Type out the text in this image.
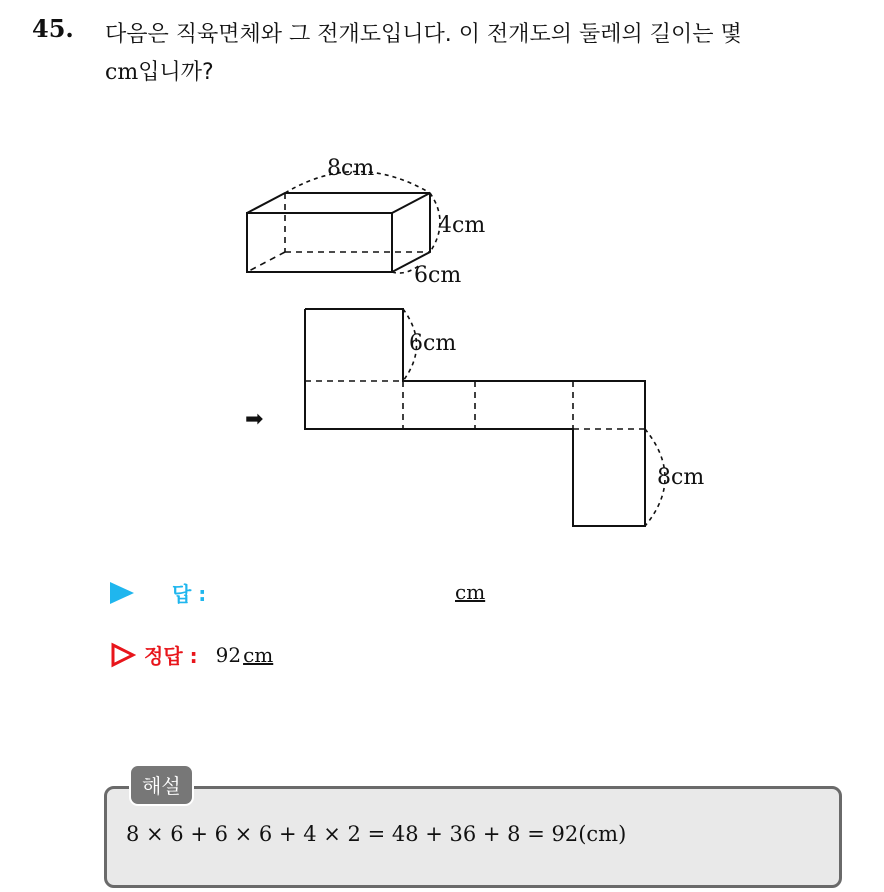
45. 다음은 직육면체와 그 전개도입니다. 이 전개도의 둘레의 길이는 몇
cm입니까?

8cm
4cm
6cm
6cm
8cm
➡
답 :	cm
정답 : 92 cm
해설
8 × 6 + 6 × 6 + 4 × 2 = 48 + 36 + 8 = 92(cm)
